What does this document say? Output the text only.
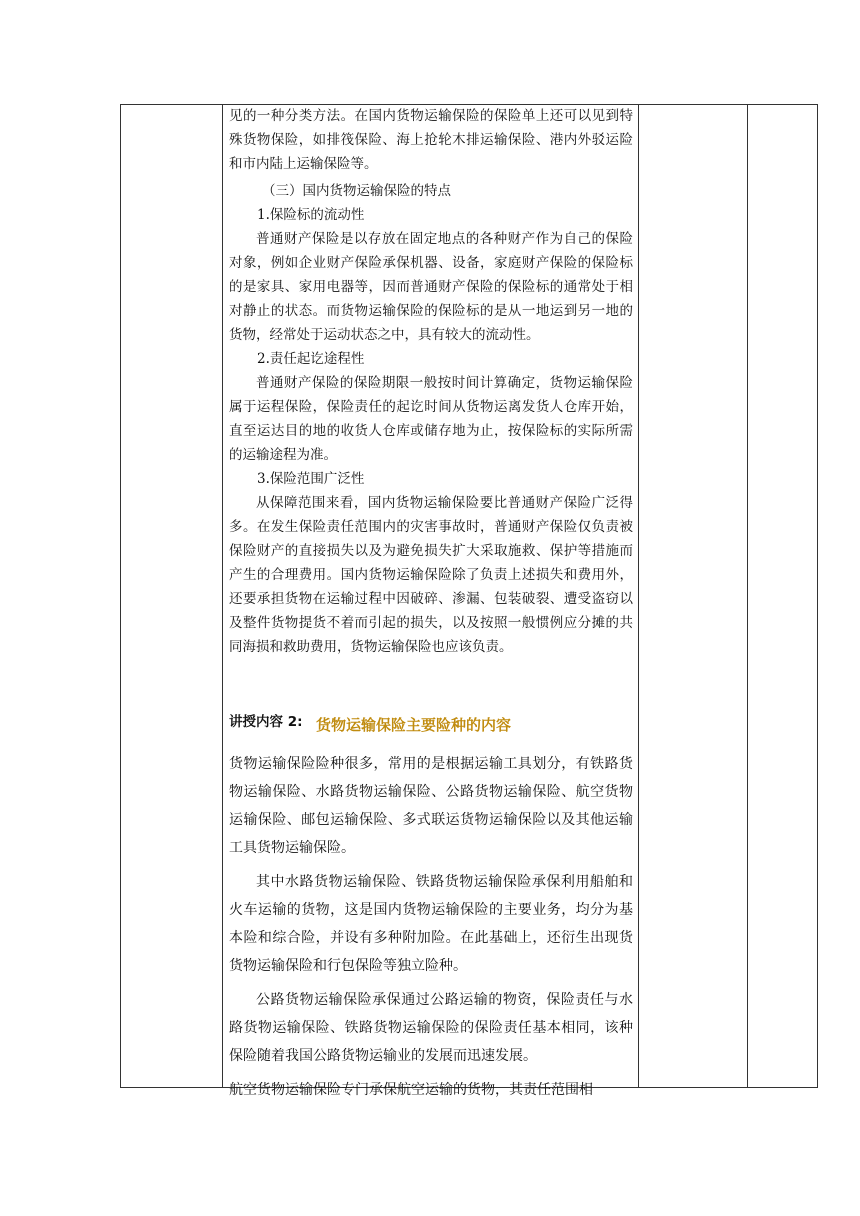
见的一种分类方法。在国内货物运输保险的保险单上还可以见到特殊货物保险，如排筏保险、海上抢轮木排运输保险、港内外驳运险和市内陆上运输保险等。

（三）国内货物运输保险的特点

1.保险标的流动性

普通财产保险是以存放在固定地点的各种财产作为自己的保险对象，例如企业财产保险承保机器、设备，家庭财产保险的保险标的是家具、家用电器等，因而普通财产保险的保险标的通常处于相对静止的状态。而货物运输保险的保险标的是从一地运到另一地的货物，经常处于运动状态之中，具有较大的流动性。

2.责任起讫途程性

普通财产保险的保险期限一般按时间计算确定，货物运输保险属于运程保险，保险责任的起讫时间从货物运离发货人仓库开始，直至运达目的地的收货人仓库或储存地为止，按保险标的实际所需的运输途程为准。

3.保险范围广泛性

从保障范围来看，国内货物运输保险要比普通财产保险广泛得多。在发生保险责任范围内的灾害事故时，普通财产保险仅负责被保险财产的直接损失以及为避免损失扩大采取施救、保护等措施而产生的合理费用。国内货物运输保险除了负责上述损失和费用外，还要承担货物在运输过程中因破碎、渗漏、包装破裂、遭受盗窃以及整件货物提货不着而引起的损失，以及按照一般惯例应分摊的共同海损和救助费用，货物运输保险也应该负责。

讲授内容 2: 货物运输保险主要险种的内容

货物运输保险险种很多，常用的是根据运输工具划分，有铁路货物运输保险、水路货物运输保险、公路货物运输保险、航空货物运输保险、邮包运输保险、多式联运货物运输保险以及其他运输工具货物运输保险。

其中水路货物运输保险、铁路货物运输保险承保利用船舶和火车运输的货物，这是国内货物运输保险的主要业务，均分为基本险和综合险，并设有多种附加险。在此基础上，还衍生出现货货物运输保险和行包保险等独立险种。

公路货物运输保险承保通过公路运输的物资，保险责任与水路货物运输保险、铁路货物运输保险的保险责任基本相同，该种保险随着我国公路货物运输业的发展而迅速发展。

航空货物运输保险专门承保航空运输的货物，其责任范围相
